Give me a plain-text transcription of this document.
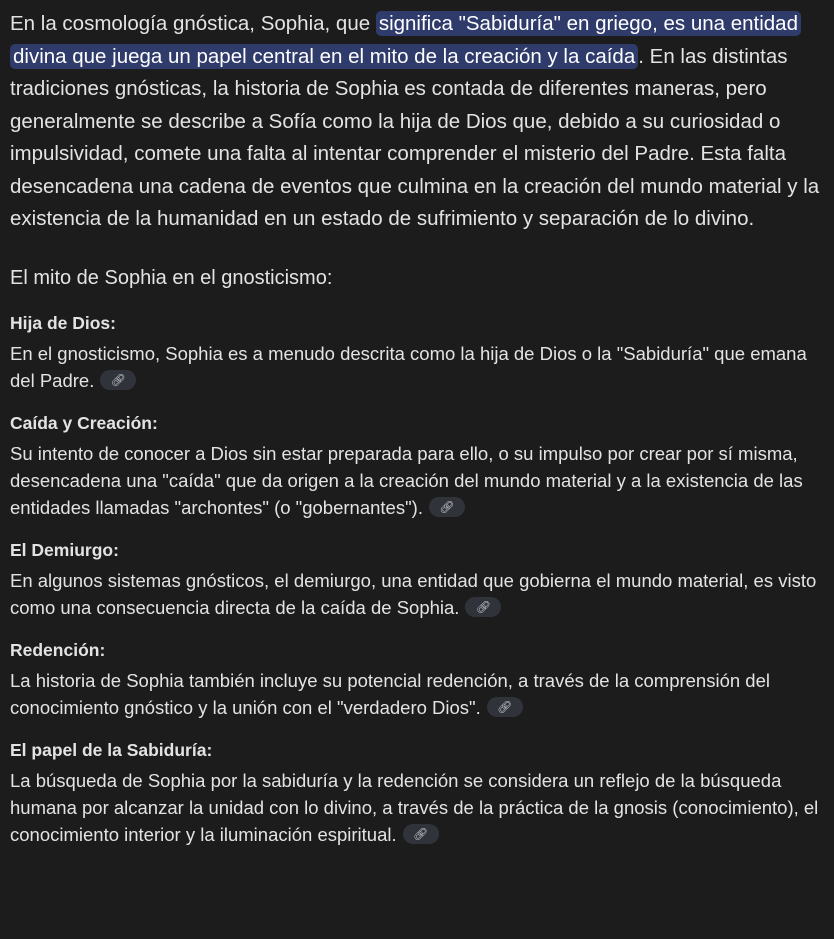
En la cosmología gnóstica, Sophia, que significa "Sabiduría" en griego, es una entidad divina que juega un papel central en el mito de la creación y la caída . En las distintas tradiciones gnósticas, la historia de Sophia es contada de diferentes maneras, pero generalmente se describe a Sofía como la hija de Dios que, debido a su curiosidad o impulsividad, comete una falta al intentar comprender el misterio del Padre. Esta falta desencadena una cadena de eventos que culmina en la creación del mundo material y la existencia de la humanidad en un estado de sufrimiento y separación de lo divino.

El mito de Sophia en el gnosticismo:
Hija de Dios:

En el gnosticismo, Sophia es a menudo descrita como la hija de Dios o la "Sabiduría" que emana del Padre. 🔗︎

Caída y Creación:

Su intento de conocer a Dios sin estar preparada para ello, o su impulso por crear por sí misma, desencadena una "caída" que da origen a la creación del mundo material y a la existencia de las entidades llamadas "archontes" (o "gobernantes"). 🔗︎

El Demiurgo:

En algunos sistemas gnósticos, el demiurgo, una entidad que gobierna el mundo material, es visto como una consecuencia directa de la caída de Sophia. 🔗︎

Redención:

La historia de Sophia también incluye su potencial redención, a través de la comprensión del conocimiento gnóstico y la unión con el "verdadero Dios". 🔗︎

El papel de la Sabiduría:

La búsqueda de Sophia por la sabiduría y la redención se considera un reflejo de la búsqueda humana por alcanzar la unidad con lo divino, a través de la práctica de la gnosis (conocimiento), el conocimiento interior y la iluminación espiritual. 🔗︎
